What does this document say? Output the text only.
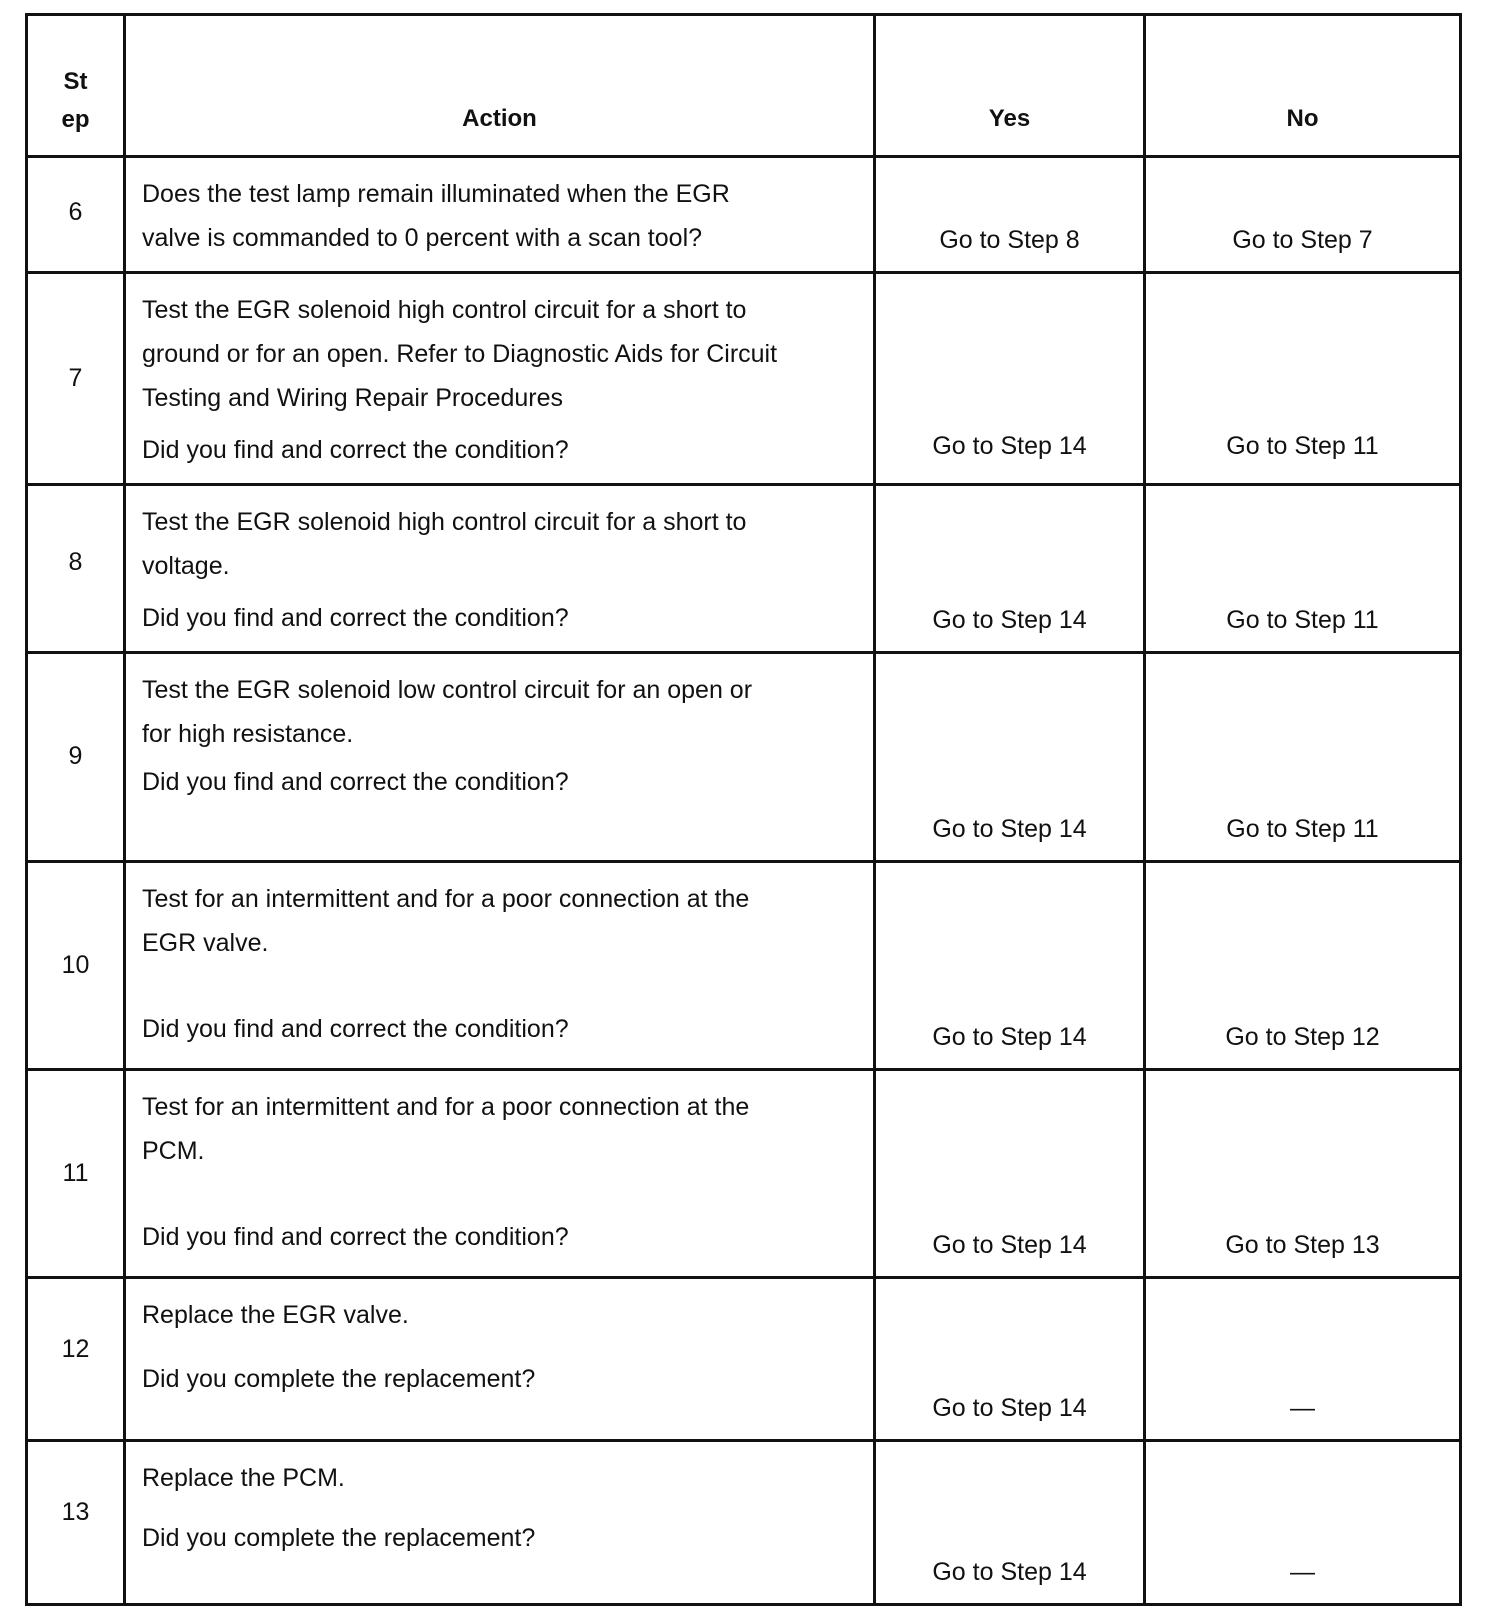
St ep	Action	Yes	No
6	Does the test lamp remain illuminated when the EGR
valve is commanded to 0 percent with a scan tool?	Go to Step 8	Go to Step 7
7	Test the EGR solenoid high control circuit for a short to
ground or for an open. Refer to Diagnostic Aids for Circuit
Testing and Wiring Repair Procedures
Did you find and correct the condition?	Go to Step 14	Go to Step 11
8	Test the EGR solenoid high control circuit for a short to
voltage.
Did you find and correct the condition?	Go to Step 14	Go to Step 11
9	Test the EGR solenoid low control circuit for an open or
for high resistance.
Did you find and correct the condition?	Go to Step 14	Go to Step 11
10	Test for an intermittent and for a poor connection at the
EGR valve.
Did you find and correct the condition?	Go to Step 14	Go to Step 12
11	Test for an intermittent and for a poor connection at the
PCM.
Did you find and correct the condition?	Go to Step 14	Go to Step 13
12	Replace the EGR valve.
Did you complete the replacement?	Go to Step 14	—
13	Replace the PCM.
Did you complete the replacement?	Go to Step 14	—
